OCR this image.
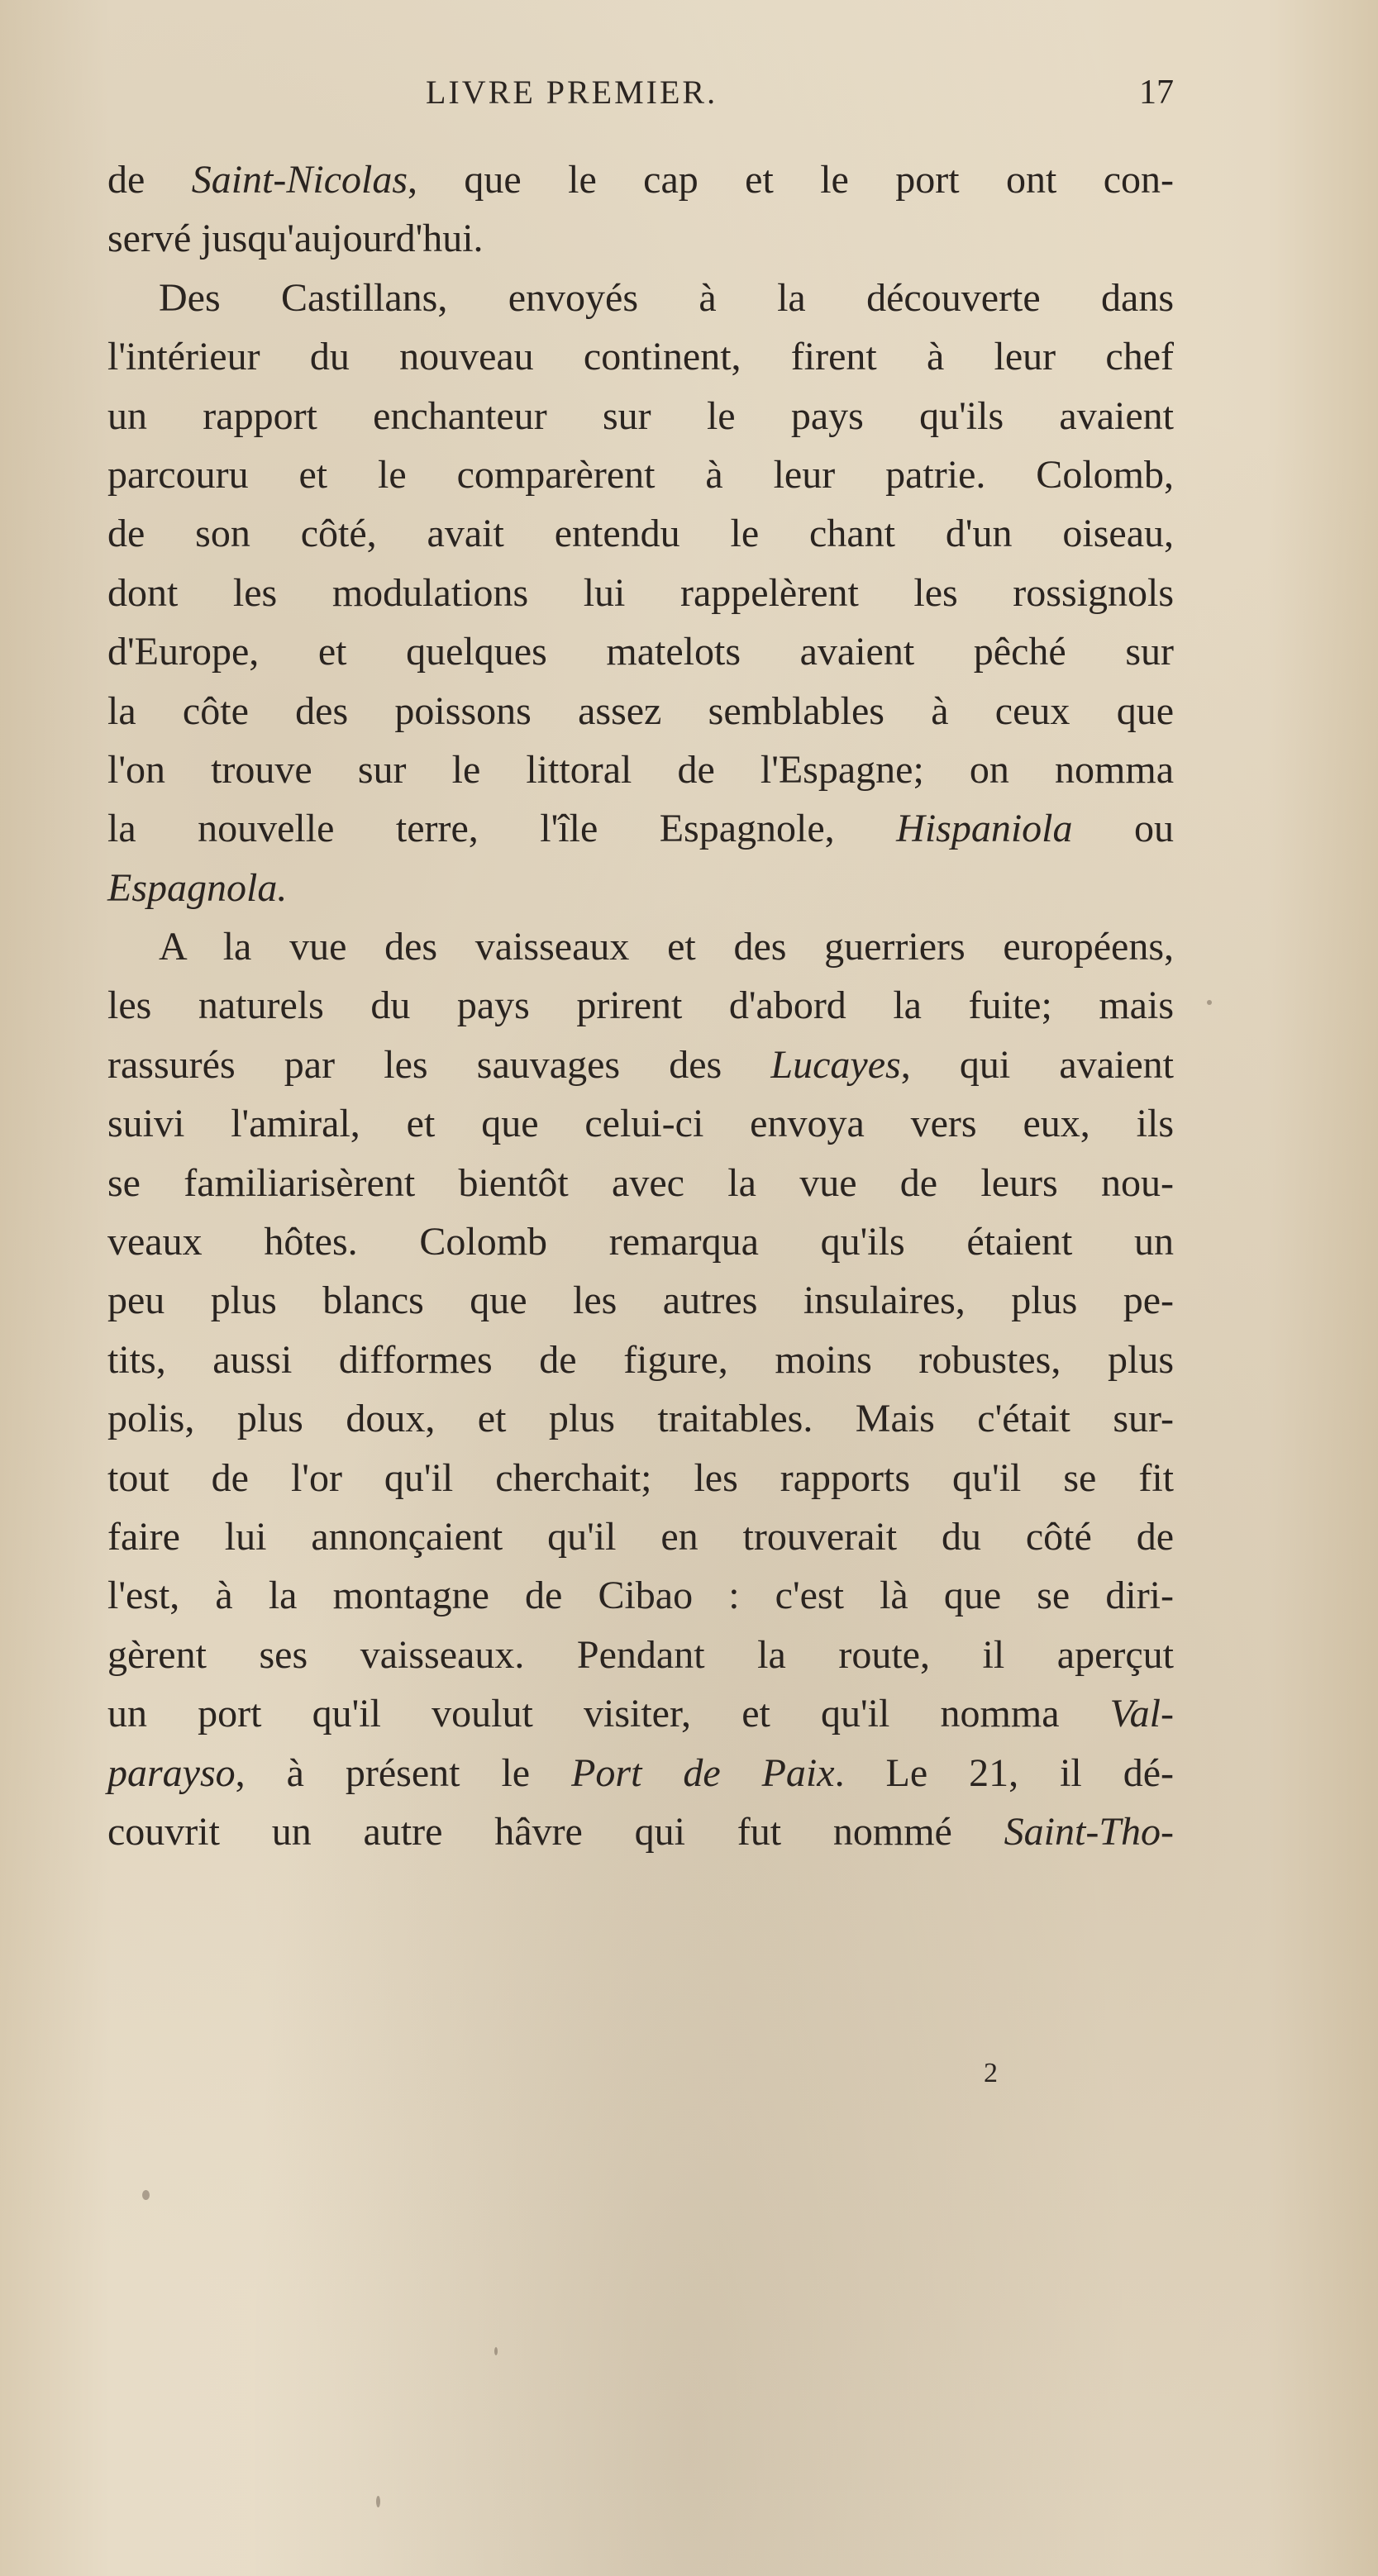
LIVRE PREMIER.	17
de Saint-Nicolas, que le cap et le port ont con-
servé jusqu'aujourd'hui.
Des Castillans, envoyés à la découverte dans
l'intérieur du nouveau continent, firent à leur chef
un rapport enchanteur sur le pays qu'ils avaient
parcouru et le comparèrent à leur patrie. Colomb,
de son côté, avait entendu le chant d'un oiseau,
dont les modulations lui rappelèrent les rossignols
d'Europe, et quelques matelots avaient pêché sur
la côte des poissons assez semblables à ceux que
l'on trouve sur le littoral de l'Espagne; on nomma
la nouvelle terre, l'île Espagnole, Hispaniola ou
Espagnola.
A la vue des vaisseaux et des guerriers européens,
les naturels du pays prirent d'abord la fuite; mais
rassurés par les sauvages des Lucayes, qui avaient
suivi l'amiral, et que celui-ci envoya vers eux, ils
se familiarisèrent bientôt avec la vue de leurs nou-
veaux hôtes. Colomb remarqua qu'ils étaient un
peu plus blancs que les autres insulaires, plus pe-
tits, aussi difformes de figure, moins robustes, plus
polis, plus doux, et plus traitables. Mais c'était sur-
tout de l'or qu'il cherchait; les rapports qu'il se fit
faire lui annonçaient qu'il en trouverait du côté de
l'est, à la montagne de Cibao : c'est là que se diri-
gèrent ses vaisseaux. Pendant la route, il aperçut
un port qu'il voulut visiter, et qu'il nomma Val-
parayso, à présent le Port de Paix. Le 21, il dé-
couvrit un autre hâvre qui fut nommé Saint-Tho-
2
